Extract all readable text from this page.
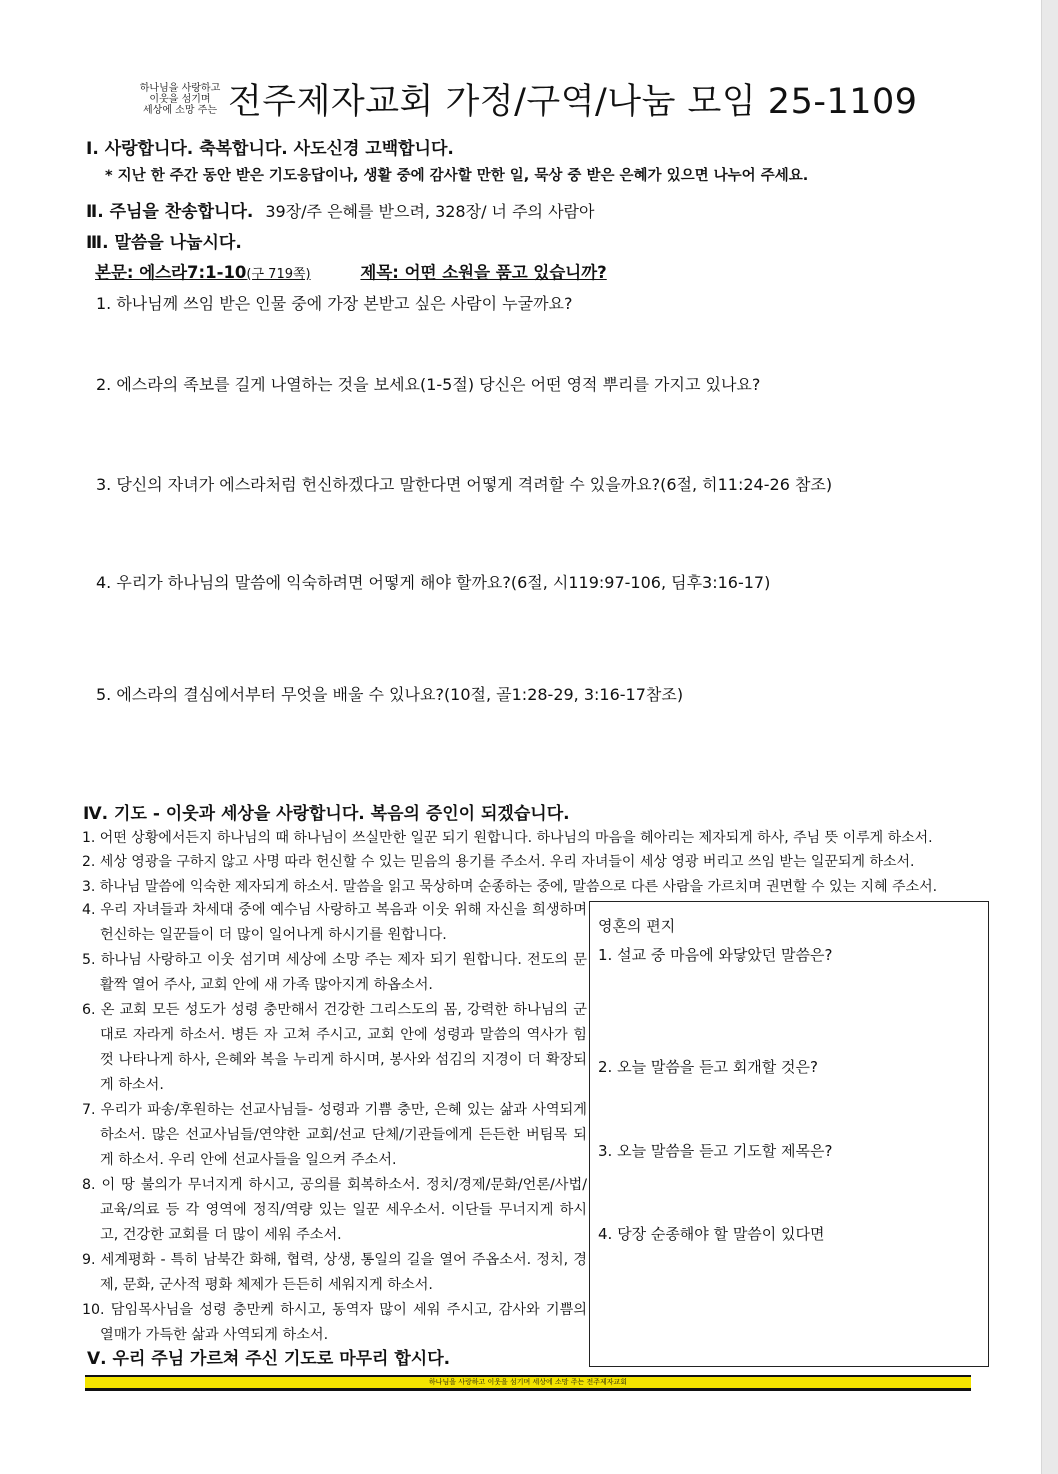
하나님을 사랑하고
이웃을 섬기며
세상에 소망 주는 전주제자교회 가정/구역/나눔 모임 25-1109
Ⅰ. 사랑합니다. 축복합니다. 사도신경 고백합니다.
* 지난 한 주간 동안 받은 기도응답이나, 생활 중에 감사할 만한 일, 묵상 중 받은 은혜가 있으면 나누어 주세요.
Ⅱ. 주님을 찬송합니다. 39장/주 은혜를 받으려, 328장/ 너 주의 사람아
Ⅲ. 말씀을 나눕시다.
본문: 에스라7:1-10(구 719쪽)	제목: 어떤 소원을 품고 있습니까?
1. 하나님께 쓰임 받은 인물 중에 가장 본받고 싶은 사람이 누굴까요?
2. 에스라의 족보를 길게 나열하는 것을 보세요(1-5절) 당신은 어떤 영적 뿌리를 가지고 있나요?
3. 당신의 자녀가 에스라처럼 헌신하겠다고 말한다면 어떻게 격려할 수 있을까요?(6절, 히11:24-26 참조)
4. 우리가 하나님의 말씀에 익숙하려면 어떻게 해야 할까요?(6절, 시119:97-106, 딤후3:16-17)
5. 에스라의 결심에서부터 무엇을 배울 수 있나요?(10절, 골1:28-29, 3:16-17참조)
Ⅳ. 기도 - 이웃과 세상을 사랑합니다. 복음의 증인이 되겠습니다.
1. 어떤 상황에서든지 하나님의 때 하나님이 쓰실만한 일꾼 되기 원합니다. 하나님의 마음을 헤아리는 제자되게 하사, 주님 뜻 이루게 하소서.
2. 세상 영광을 구하지 않고 사명 따라 헌신할 수 있는 믿음의 용기를 주소서. 우리 자녀들이 세상 영광 버리고 쓰임 받는 일꾼되게 하소서.
3. 하나님 말씀에 익숙한 제자되게 하소서. 말씀을 읽고 묵상하며 순종하는 중에, 말씀으로 다른 사람을 가르치며 권면할 수 있는 지혜 주소서.
4. 우리 자녀들과 차세대 중에 예수님 사랑하고 복음과 이웃 위해 자신을 희생하며 헌신하는 일꾼들이 더 많이 일어나게 하시기를 원합니다.
5. 하나님 사랑하고 이웃 섬기며 세상에 소망 주는 제자 되기 원합니다. 전도의 문 활짝 열어 주사, 교회 안에 새 가족 많아지게 하옵소서.
6. 온 교회 모든 성도가 성령 충만해서 건강한 그리스도의 몸, 강력한 하나님의 군대로 자라게 하소서. 병든 자 고쳐 주시고, 교회 안에 성령과 말씀의 역사가 힘껏 나타나게 하사, 은혜와 복을 누리게 하시며, 봉사와 섬김의 지경이 더 확장되게 하소서.
7. 우리가 파송/후원하는 선교사님들- 성령과 기쁨 충만, 은혜 있는 삶과 사역되게 하소서. 많은 선교사님들/연약한 교회/선교 단체/기관들에게 든든한 버팀목 되게 하소서. 우리 안에 선교사들을 일으켜 주소서.
8. 이 땅 불의가 무너지게 하시고, 공의를 회복하소서. 정치/경제/문화/언론/사법/교육/의료 등 각 영역에 정직/역량 있는 일꾼 세우소서. 이단들 무너지게 하시고, 건강한 교회를 더 많이 세워 주소서.
9. 세계평화 - 특히 남북간 화해, 협력, 상생, 통일의 길을 열어 주옵소서. 정치, 경제, 문화, 군사적 평화 체제가 든든히 세워지게 하소서.
10. 담임목사님을 성령 충만케 하시고, 동역자 많이 세워 주시고, 감사와 기쁨의 열매가 가득한 삶과 사역되게 하소서.
영혼의 편지
1. 설교 중 마음에 와닿았던 말씀은?
2. 오늘 말씀을 듣고 회개할 것은?
3. 오늘 말씀을 듣고 기도할 제목은?
4. 당장 순종해야 할 말씀이 있다면
Ⅴ. 우리 주님 가르쳐 주신 기도로 마무리 합시다.
하나님을 사랑하고 이웃을 섬기며 세상에 소망 주는 전주제자교회
